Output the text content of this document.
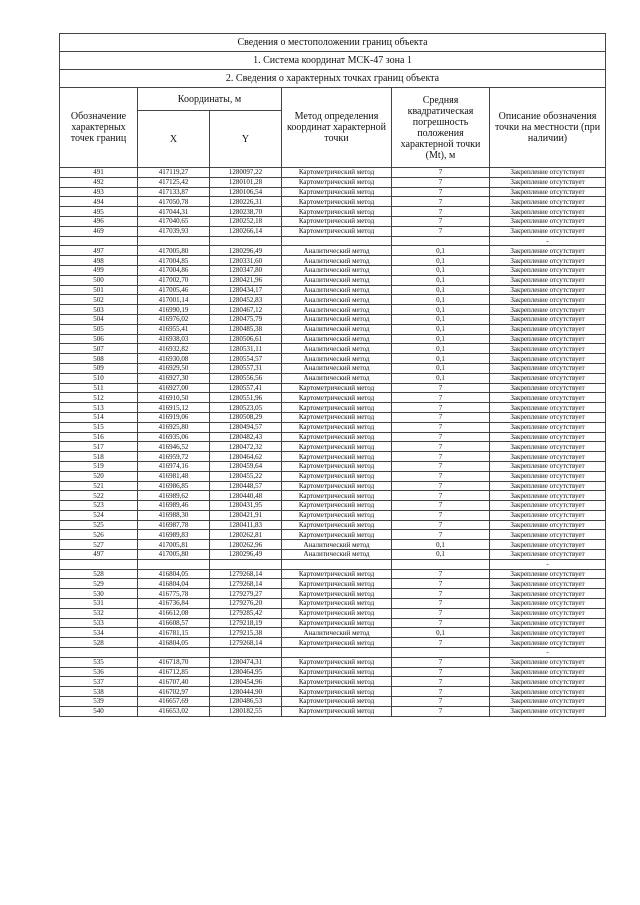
Сведения о местоположении границ объекта					
1. Система координат МСК-47 зона 1					
2. Сведения о характерных точках границ объекта					
Обозначение характерных точек границ	Координаты, м		Метод определения координат характерной точки	Средняя квадратическая погрешность положения характерной точки (Mt), м	Описание обозначения точки на местности (при наличии)
	X	Y			
491	417119,27	1280097,22	Картометрический метод	7	Закрепление отсутствует
492	417125,42	1280101,28	Картометрический метод	7	Закрепление отсутствует
493	417133,87	1280106,54	Картометрический метод	7	Закрепление отсутствует
494	417050,78	1280226,31	Картометрический метод	7	Закрепление отсутствует
495	417044,31	1280238,70	Картометрический метод	7	Закрепление отсутствует
496	417040,65	1280252,18	Картометрический метод	7	Закрепление отсутствует
469	417039,93	1280266,14	Картометрический метод	7	Закрепление отсутствует
					-
497	417005,80	1280296,49	Аналитический метод	0,1	Закрепление отсутствует
498	417004,85	1280331,60	Аналитический метод	0,1	Закрепление отсутствует
499	417004,86	1280347,80	Аналитический метод	0,1	Закрепление отсутствует
500	417002,70	1280421,96	Аналитический метод	0,1	Закрепление отсутствует
501	417005,46	1280434,17	Аналитический метод	0,1	Закрепление отсутствует
502	417001,14	1280452,83	Аналитический метод	0,1	Закрепление отсутствует
503	416990,19	1280467,12	Аналитический метод	0,1	Закрепление отсутствует
504	416976,02	1280475,79	Аналитический метод	0,1	Закрепление отсутствует
505	416955,41	1280485,38	Аналитический метод	0,1	Закрепление отсутствует
506	416938,03	1280506,61	Аналитический метод	0,1	Закрепление отсутствует
507	416932,82	1280531,11	Аналитический метод	0,1	Закрепление отсутствует
508	416930,08	1280554,57	Аналитический метод	0,1	Закрепление отсутствует
509	416929,50	1280557,31	Аналитический метод	0,1	Закрепление отсутствует
510	416927,30	1280556,56	Аналитический метод	0,1	Закрепление отсутствует
511	416927,00	1280557,41	Картометрический метод	7	Закрепление отсутствует
512	416910,50	1280551,96	Картометрический метод	7	Закрепление отсутствует
513	416915,12	1280523,05	Картометрический метод	7	Закрепление отсутствует
514	416919,06	1280508,29	Картометрический метод	7	Закрепление отсутствует
515	416925,80	1280494,57	Картометрический метод	7	Закрепление отсутствует
516	416935,06	1280482,43	Картометрический метод	7	Закрепление отсутствует
517	416946,52	1280472,32	Картометрический метод	7	Закрепление отсутствует
518	416959,72	1280464,62	Картометрический метод	7	Закрепление отсутствует
519	416974,16	1280459,64	Картометрический метод	7	Закрепление отсутствует
520	416981,48	1280455,22	Картометрический метод	7	Закрепление отсутствует
521	416986,85	1280448,57	Картометрический метод	7	Закрепление отсутствует
522	416989,62	1280440,48	Картометрический метод	7	Закрепление отсутствует
523	416989,46	1280431,95	Картометрический метод	7	Закрепление отсутствует
524	416988,30	1280421,91	Картометрический метод	7	Закрепление отсутствует
525	416987,78	1280411,83	Картометрический метод	7	Закрепление отсутствует
526	416989,83	1280262,81	Картометрический метод	7	Закрепление отсутствует
527	417005,81	1280262,96	Аналитический метод	0,1	Закрепление отсутствует
497	417005,80	1280296,49	Аналитический метод	0,1	Закрепление отсутствует
					-
528	416804,05	1279268,14	Картометрический метод	7	Закрепление отсутствует
529	416804,04	1279268,14	Картометрический метод	7	Закрепление отсутствует
530	416775,78	1279279,27	Картометрический метод	7	Закрепление отсутствует
531	416736,84	1279276,20	Картометрический метод	7	Закрепление отсутствует
532	416612,08	1279285,42	Картометрический метод	7	Закрепление отсутствует
533	416608,57	1279218,19	Картометрический метод	7	Закрепление отсутствует
534	416781,15	1279215,38	Аналитический метод	0,1	Закрепление отсутствует
528	416804,05	1279268,14	Картометрический метод	7	Закрепление отсутствует
					-
535	416718,70	1280474,31	Картометрический метод	7	Закрепление отсутствует
536	416712,85	1280464,95	Картометрический метод	7	Закрепление отсутствует
537	416707,40	1280454,96	Картометрический метод	7	Закрепление отсутствует
538	416702,97	1280444,90	Картометрический метод	7	Закрепление отсутствует
539	416657,69	1280486,53	Картометрический метод	7	Закрепление отсутствует
540	416653,02	1280182,55	Картометрический метод	7	Закрепление отсутствует
